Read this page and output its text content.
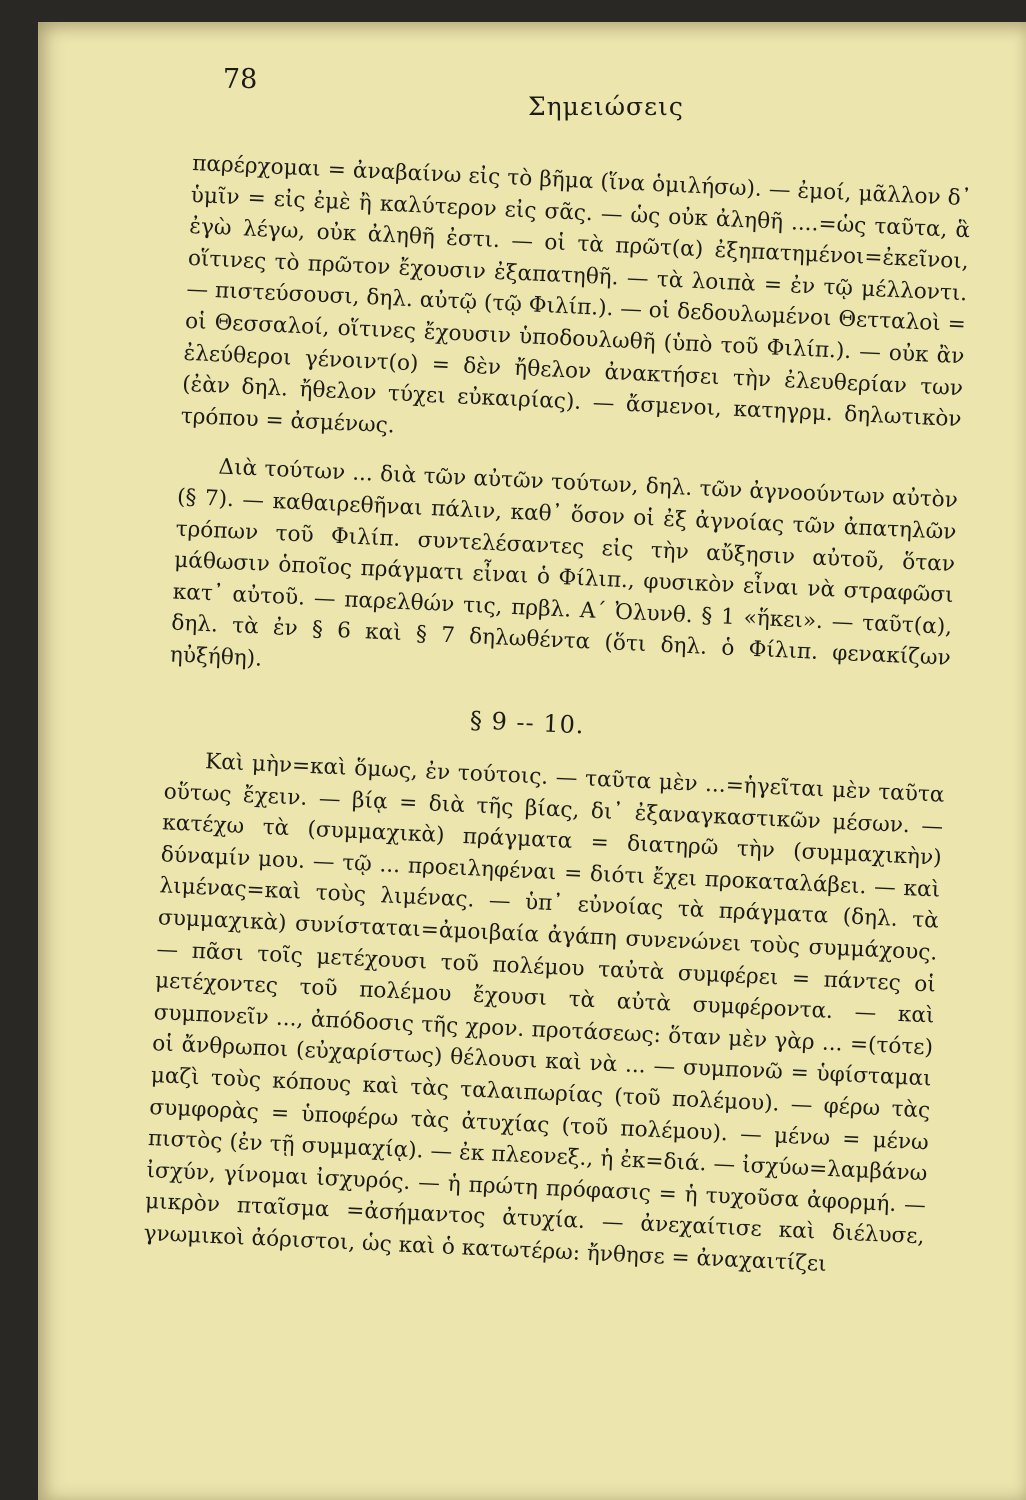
78
Σημειώσεις

παρέρχομαι = ἀναβαίνω εἰς τὸ βῆμα (ἵνα ὁμιλήσω). — ἐμοί, μᾶλλον δ᾽ ὑμῖν = εἰς ἐμὲ ἢ καλύτερον εἰς σᾶς. — ὡς οὐκ ἀληθῆ ....=ὡς ταῦτα, ἃ ἐγὼ λέγω, οὐκ ἀληθῆ ἐστι. — οἱ τὰ πρῶτ(α) ἐξηπατημένοι=ἐκεῖνοι, οἵτινες τὸ πρῶτον ἔχουσιν ἐξαπατηθῆ. — τὰ λοιπὰ = ἐν τῷ μέλλοντι. — πιστεύσουσι, δηλ. αὐτῷ (τῷ Φιλίπ.). — οἱ δεδουλωμένοι Θετταλοὶ = οἱ Θεσσαλοί, οἵτινες ἔχουσιν ὑποδουλωθῆ (ὑπὸ τοῦ Φιλίπ.). — οὐκ ἂν ἐλεύθεροι γένοιντ(ο) = δὲν ἤθελον ἀνακτήσει τὴν ἐλευθερίαν των (ἐὰν δηλ. ἤθελον τύχει εὐκαιρίας). — ἄσμενοι, κατηγρμ. δηλωτικὸν τρόπου = ἀσμένως.

Διὰ τούτων ... διὰ τῶν αὐτῶν τούτων, δηλ. τῶν ἀγνοούντων αὐτὸν (§ 7). — καθαιρεθῆναι πάλιν, καθ᾽ ὅσον οἱ ἐξ ἀγνοίας τῶν ἀπατηλῶν τρόπων τοῦ Φιλίπ. συντελέσαντες εἰς τὴν αὔξησιν αὐτοῦ, ὅταν μάθωσιν ὁποῖος πράγματι εἶναι ὁ Φίλιπ., φυσικὸν εἶναι νὰ στραφῶσι κατ᾽ αὐτοῦ. — παρελθών τις, πρβλ. Α΄ Ὀλυνθ. § 1 «ἥκει». — ταῦτ(α), δηλ. τὰ ἐν § 6 καὶ § 7 δηλωθέντα (ὅτι δηλ. ὁ Φίλιπ. φενακίζων ηὐξήθη).

§ 9 -- 10.

Καὶ μὴν=καὶ ὅμως, ἐν τούτοις. — ταῦτα μὲν ...=ἡγεῖται μὲν ταῦτα οὕτως ἔχειν. — βίᾳ = διὰ τῆς βίας, δι᾽ ἐξαναγκαστικῶν μέσων. — κατέχω τὰ (συμμαχικὰ) πράγματα = διατηρῶ τὴν (συμμαχικὴν) δύναμίν μου. — τῷ ... προειληφέναι = διότι ἔχει προκαταλάβει. — καὶ λιμένας=καὶ τοὺς λιμένας. — ὑπ᾽ εὐνοίας τὰ πράγματα (δηλ. τὰ συμμαχικὰ) συνίσταται=ἀμοιβαία ἀγάπη συνενώνει τοὺς συμμάχους. — πᾶσι τοῖς μετέχουσι τοῦ πολέμου ταὐτὰ συμφέρει = πάντες οἱ μετέχοντες τοῦ πολέμου ἔχουσι τὰ αὐτὰ συμφέροντα. — καὶ συμπονεῖν ..., ἀπόδοσις τῆς χρον. προτάσεως: ὅταν μὲν γὰρ ... =(τότε) οἱ ἄνθρωποι (εὐχαρίστως) θέλουσι καὶ νὰ ... — συμπονῶ = ὑφίσταμαι μαζὶ τοὺς κόπους καὶ τὰς ταλαιπωρίας (τοῦ πολέμου). — φέρω τὰς συμφορὰς = ὑποφέρω τὰς ἀτυχίας (τοῦ πολέμου). — μένω = μένω πιστὸς (ἐν τῇ συμμαχίᾳ). — ἐκ πλεονεξ., ἡ ἐκ=διά. — ἰσχύω=λαμβάνω ἰσχύν, γίνομαι ἰσχυρός. — ἡ πρώτη πρόφασις = ἡ τυχοῦσα ἀφορμή. — μικρὸν πταῖσμα =ἀσήμαντος ἀτυχία. — ἀνεχαίτισε καὶ διέλυσε, γνωμικοὶ ἀόριστοι, ὡς καὶ ὁ κατωτέρω: ἤνθησε = ἀναχαιτίζει
